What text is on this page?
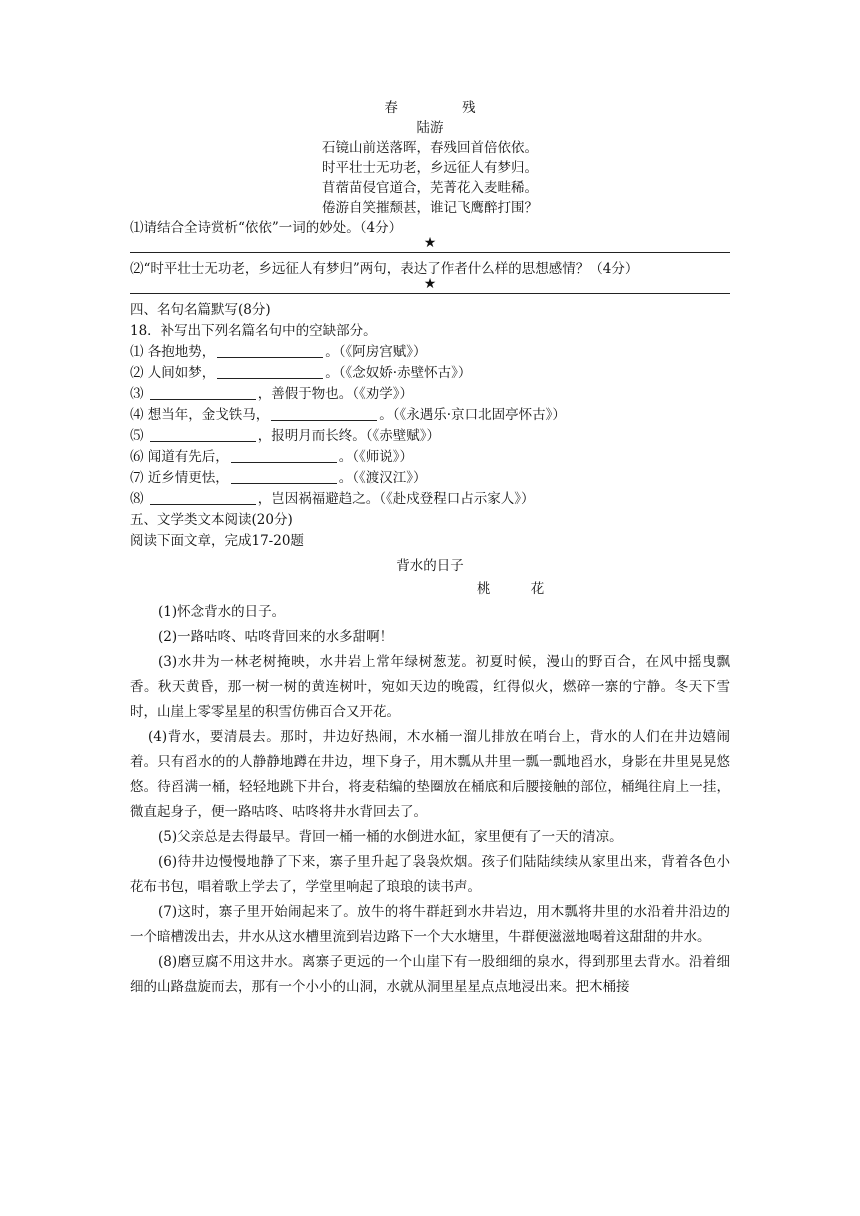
春 残
陆游
石镜山前送落晖，春残回首倍依依。
时平壮士无功老，乡远征人有梦归。
苜蓿苗侵官道合，芜菁花入麦畦稀。
倦游自笑摧颓甚，谁记飞鹰醉打围？
⑴请结合全诗赏析“依依”一词的妙处。（4分）
★
⑵“时平壮士无功老，乡远征人有梦归”两句，表达了作者什么样的思想感情？（4分）
★
四、名句名篇默写(8分)
18．补写出下列名篇名句中的空缺部分。
⑴ 各抱地势，	。（《阿房宫赋》）
⑵ 人间如梦，	。（《念奴娇·赤壁怀古》）
⑶	，善假于物也。（《劝学》）
⑷ 想当年，金戈铁马，	。（《永遇乐·京口北固亭怀古》）
⑸	，报明月而长终。（《赤壁赋》）
⑹ 闻道有先后，	。（《师说》）
⑺ 近乡情更怯，	。（《渡汉江》）
⑻	，岂因祸福避趋之。（《赴戍登程口占示家人》）
五、文学类文本阅读(20分)
阅读下面文章，完成17-20题
背水的日子
桃 花
(1)怀念背水的日子。
(2)一路咕咚、咕咚背回来的水多甜啊！
(3)水井为一林老树掩映，水井岩上常年绿树葱茏。初夏时候，漫山的野百合，在风中摇曳飘香。秋天黄昏，那一树一树的黄连树叶，宛如天边的晚霞，红得似火，燃碎一寨的宁静。冬天下雪时，山崖上零零星星的积雪仿佛百合又开花。
(4)背水，要清晨去。那时，井边好热闹，木水桶一溜儿排放在哨台上，背水的人们在井边嬉闹着。只有舀水的的人静静地蹲在井边，埋下身子，用木瓢从井里一瓢一瓢地舀水，身影在井里晃晃悠悠。待舀满一桶，轻轻地跳下井台，将麦秸编的垫圈放在桶底和后腰接触的部位，桶绳往肩上一挂，微直起身子，便一路咕咚、咕咚将井水背回去了。
(5)父亲总是去得最早。背回一桶一桶的水倒进水缸，家里便有了一天的清凉。
(6)待井边慢慢地静了下来，寨子里升起了袅袅炊烟。孩子们陆陆续续从家里出来，背着各色小花布书包，唱着歌上学去了，学堂里响起了琅琅的读书声。
(7)这时，寨子里开始闹起来了。放牛的将牛群赶到水井岩边，用木瓢将井里的水沿着井沿边的一个暗槽泼出去，井水从这水槽里流到岩边路下一个大水塘里，牛群便滋滋地喝着这甜甜的井水。
(8)磨豆腐不用这井水。离寨子更远的一个山崖下有一股细细的泉水，得到那里去背水。沿着细细的山路盘旋而去，那有一个小小的山洞，水就从洞里星星点点地浸出来。把木桶接
